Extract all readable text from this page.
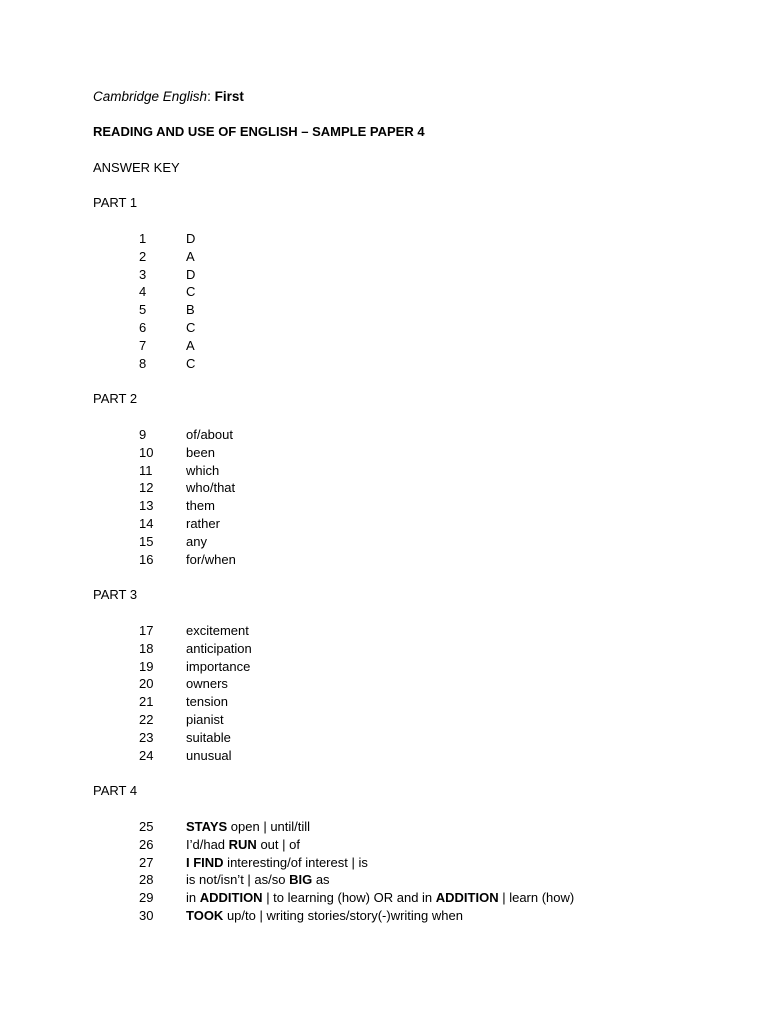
Cambridge English: First
READING AND USE OF ENGLISH – SAMPLE PAPER 4
ANSWER KEY
PART 1
1	D
2	A
3	D
4	C
5	B
6	C
7	A
8	C
PART 2
9	of/about
10	been
11	which
12	who/that
13	them
14	rather
15	any
16	for/when
PART 3
17	excitement
18	anticipation
19	importance
20	owners
21	tension
22	pianist
23	suitable
24	unusual
PART 4
25	STAYS open | until/till
26	I’d/had RUN out | of
27	I FIND interesting/of interest | is
28	is not/isn’t | as/so BIG as
29	in ADDITION | to learning (how) OR and in ADDITION | learn (how)
30	TOOK up/to | writing stories/story(-)writing when
